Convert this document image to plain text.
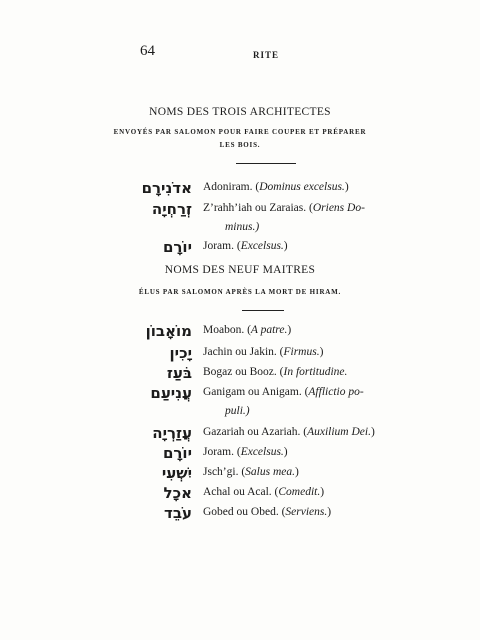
64	RITE
NOMS DES TROIS ARCHITECTES
ENVOYÉS PAR SALOMON POUR FAIRE COUPER ET PRÉPARER
LES BOIS.
אדֹנִירָם Adoniram. (Dominus excelsus.)
זְרַחְיָה Z’rahh’iah ou Zaraias. (Oriens Do-
minus.)
יוֹרָם Joram. (Excelsus.)
NOMS DES NEUF MAITRES
ÉLUS PAR SALOMON APRÈS LA MORT DE HIRAM.
מוֹאָבוֹן Moabon. (A patre.)
יָכִין Jachin ou Jakin. (Firmus.)
בֹּעַז Bogaz ou Booz. (In fortitudine.
עֲנִיעַם Ganigam ou Anigam. (Afflictio po-
puli.)
עֲזַרְיָה Gazariah ou Azariah. (Auxilium Dei.)
יוֹרָם Joram. (Excelsus.)
יִשְׁעִי Jsch’gi. (Salus mea.)
אכָל Achal ou Acal. (Comedit.)
עֹבֵד Gobed ou Obed. (Serviens.)
